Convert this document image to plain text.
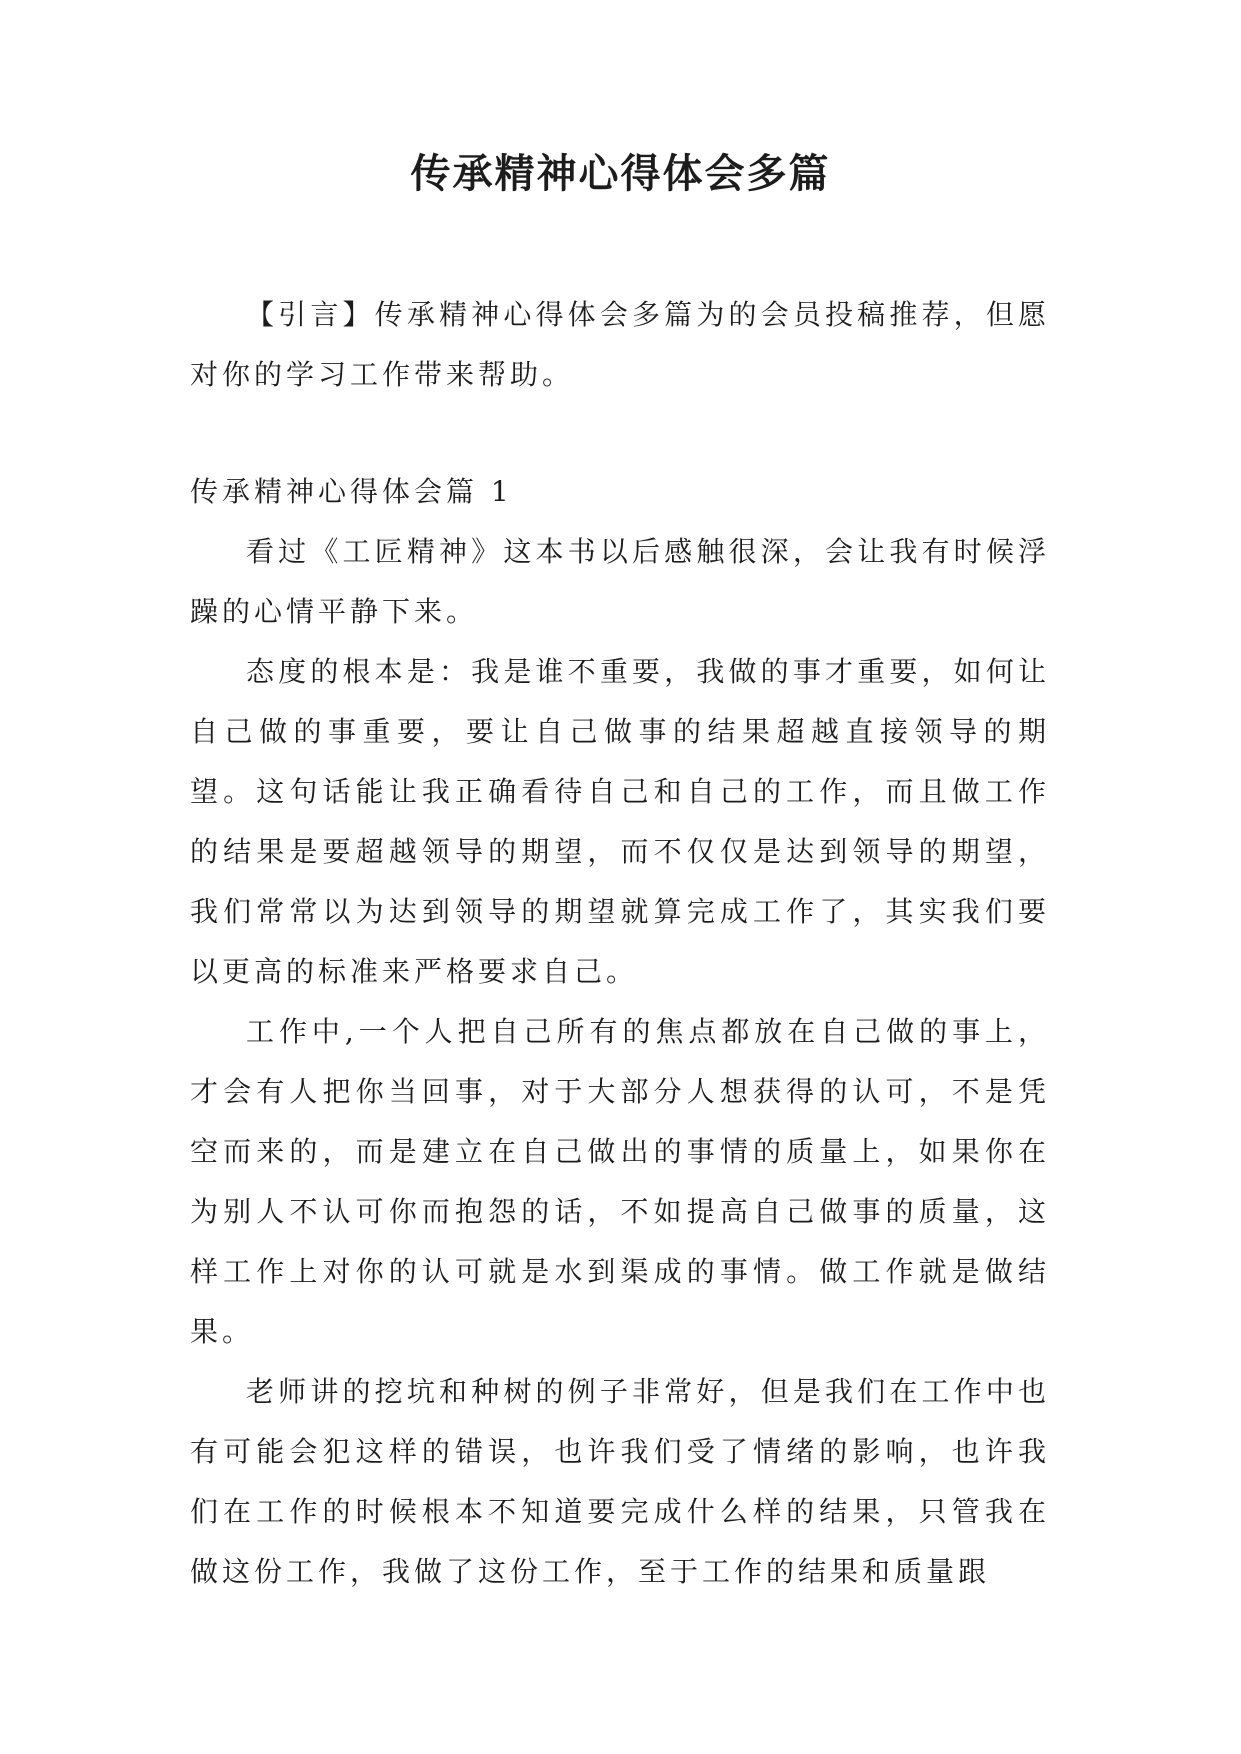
传承精神心得体会多篇

【引言】传承精神心得体会多篇为的会员投稿推荐，但愿对你的学习工作带来帮助。

传承精神心得体会篇 1

看过《工匠精神》这本书以后感触很深，会让我有时候浮躁的心情平静下来。

态度的根本是：我是谁不重要，我做的事才重要，如何让自己做的事重要，要让自己做事的结果超越直接领导的期望。这句话能让我正确看待自己和自己的工作，而且做工作的结果是要超越领导的期望，而不仅仅是达到领导的期望，我们常常以为达到领导的期望就算完成工作了，其实我们要以更高的标准来严格要求自己。

工作中,一个人把自己所有的焦点都放在自己做的事上，才会有人把你当回事，对于大部分人想获得的认可，不是凭空而来的，而是建立在自己做出的事情的质量上，如果你在为别人不认可你而抱怨的话，不如提高自己做事的质量，这样工作上对你的认可就是水到渠成的事情。做工作就是做结果。

老师讲的挖坑和种树的例子非常好，但是我们在工作中也有可能会犯这样的错误，也许我们受了情绪的影响，也许我们在工作的时候根本不知道要完成什么样的结果，只管我在做这份工作，我做了这份工作，至于工作的结果和质量跟
